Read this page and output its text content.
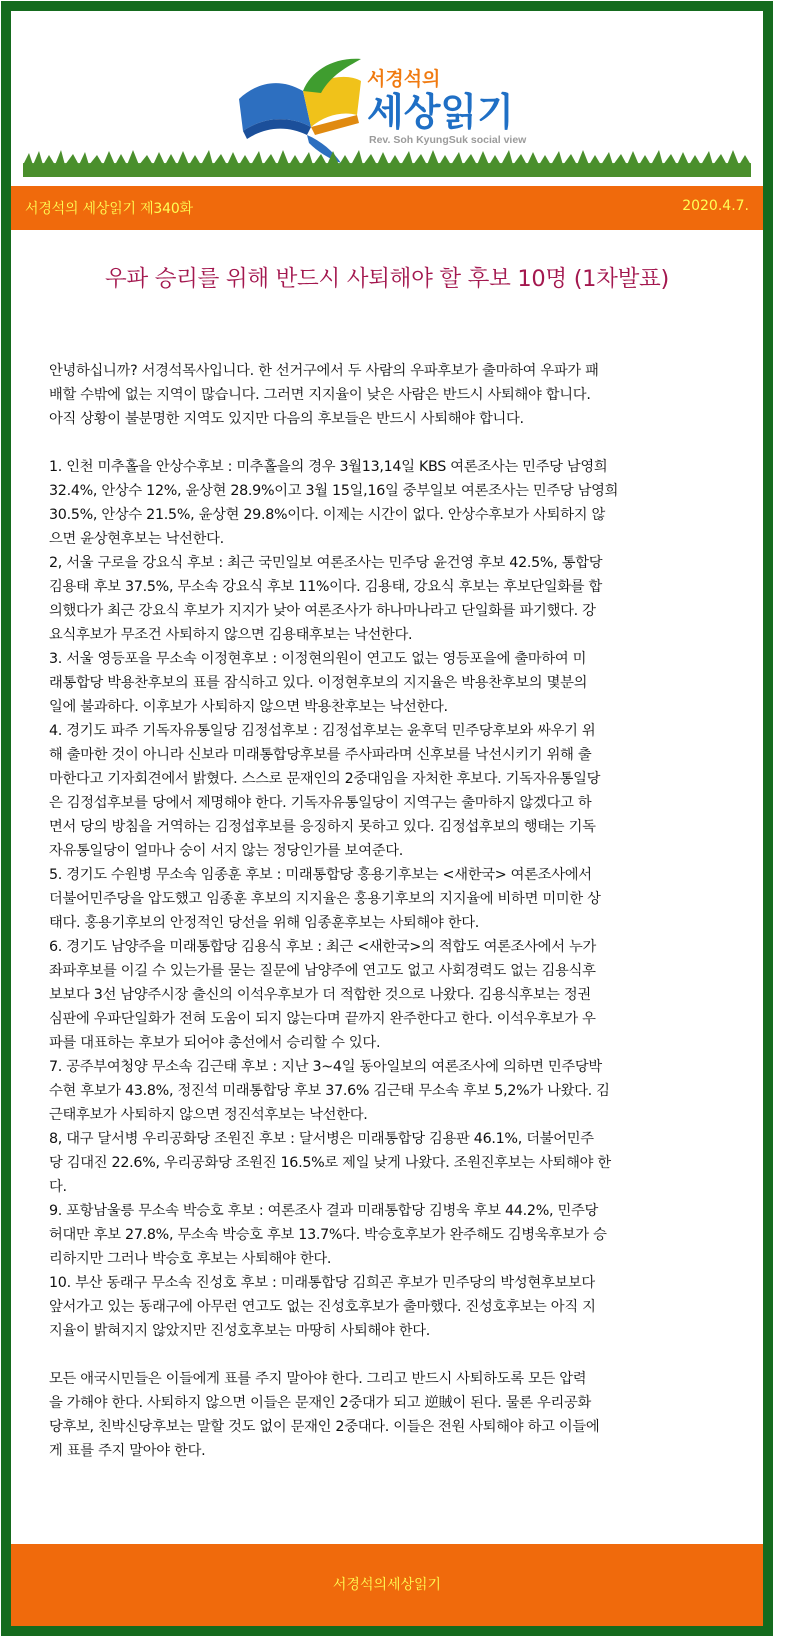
서경석의
세상읽기
Rev. Soh KyungSuk social view
서경석의 세상읽기 제340화	2020.4.7.
우파 승리를 위해 반드시 사퇴해야 할 후보 10명 (1차발표)

안녕하십니까? 서경석목사입니다. 한 선거구에서 두 사람의 우파후보가 출마하여 우파가 패

배할 수밖에 없는 지역이 많습니다. 그러면 지지율이 낮은 사람은 반드시 사퇴해야 합니다.

아직 상황이 불분명한 지역도 있지만 다음의 후보들은 반드시 사퇴해야 합니다.

1. 인천 미추홀을 안상수후보 : 미추홀을의 경우 3월13,14일 KBS 여론조사는 민주당 남영희

32.4%, 안상수 12%, 윤상현 28.9%이고 3월 15일,16일 중부일보 여론조사는 민주당 남영희

30.5%, 안상수 21.5%, 윤상현 29.8%이다. 이제는 시간이 없다. 안상수후보가 사퇴하지 않

으면 윤상현후보는 낙선한다.

2, 서울 구로을 강요식 후보 : 최근 국민일보 여론조사는 민주당 윤건영 후보 42.5%, 통합당

김용태 후보 37.5%, 무소속 강요식 후보 11%이다. 김용태, 강요식 후보는 후보단일화를 합

의했다가 최근 강요식 후보가 지지가 낮아 여론조사가 하나마나라고 단일화를 파기했다. 강

요식후보가 무조건 사퇴하지 않으면 김용태후보는 낙선한다.

3. 서울 영등포을 무소속 이정현후보 : 이정현의원이 연고도 없는 영등포을에 출마하여 미

래통합당 박용찬후보의 표를 잠식하고 있다. 이정현후보의 지지율은 박용찬후보의 몇분의

일에 불과하다. 이후보가 사퇴하지 않으면 박용찬후보는 낙선한다.

4. 경기도 파주 기독자유통일당 김정섭후보 : 김정섭후보는 윤후덕 민주당후보와 싸우기 위

해 출마한 것이 아니라 신보라 미래통합당후보를 주사파라며 신후보를 낙선시키기 위해 출

마한다고 기자회견에서 밝혔다. 스스로 문재인의 2중대임을 자처한 후보다. 기독자유통일당

은 김정섭후보를 당에서 제명해야 한다. 기독자유통일당이 지역구는 출마하지 않겠다고 하

면서 당의 방침을 거역하는 김정섭후보를 응징하지 못하고 있다. 김정섭후보의 행태는 기독

자유통일당이 얼마나 숭이 서지 않는 정당인가를 보여준다.

5. 경기도 수원병 무소속 임종훈 후보 : 미래통합당 홍용기후보는 <새한국> 여론조사에서

더불어민주당을 압도했고 임종훈 후보의 지지율은 홍용기후보의 지지율에 비하면 미미한 상

태다. 홍용기후보의 안정적인 당선을 위해 임종훈후보는 사퇴해야 한다.

6. 경기도 남양주을 미래통합당 김용식 후보 : 최근 <새한국>의 적합도 여론조사에서 누가

좌파후보를 이길 수 있는가를 묻는 질문에 남양주에 연고도 없고 사회경력도 없는 김용식후

보보다 3선 남양주시장 출신의 이석우후보가 더 적합한 것으로 나왔다. 김용식후보는 정권

심판에 우파단일화가 전혀 도움이 되지 않는다며 끝까지 완주한다고 한다. 이석우후보가 우

파를 대표하는 후보가 되어야 총선에서 승리할 수 있다.

7. 공주부여청양 무소속 김근태 후보 : 지난 3~4일 동아일보의 여론조사에 의하면 민주당박

수현 후보가 43.8%, 정진석 미래통합당 후보 37.6% 김근태 무소속 후보 5,2%가 나왔다. 김

근태후보가 사퇴하지 않으면 정진석후보는 낙선한다.

8, 대구 달서병 우리공화당 조원진 후보 : 달서병은 미래통합당 김용판 46.1%, 더불어민주

당 김대진 22.6%, 우리공화당 조원진 16.5%로 제일 낮게 나왔다. 조원진후보는 사퇴해야 한

다.

9. 포항남울릉 무소속 박승호 후보 : 여론조사 결과 미래통합당 김병욱 후보 44.2%, 민주당

허대만 후보 27.8%, 무소속 박승호 후보 13.7%다. 박승호후보가 완주해도 김병욱후보가 승

리하지만 그러나 박승호 후보는 사퇴해야 한다.

10. 부산 동래구 무소속 진성호 후보 : 미래통합당 김희곤 후보가 민주당의 박성현후보보다

앞서가고 있는 동래구에 아무런 연고도 없는 진성호후보가 출마했다. 진성호후보는 아직 지

지율이 밝혀지지 않았지만 진성호후보는 마땅히 사퇴해야 한다.

모든 애국시민들은 이들에게 표를 주지 말아야 한다. 그리고 반드시 사퇴하도록 모든 압력

을 가해야 한다. 사퇴하지 않으면 이들은 문재인 2중대가 되고 逆賊이 된다. 물론 우리공화

당후보, 친박신당후보는 말할 것도 없이 문재인 2중대다. 이들은 전원 사퇴해야 하고 이들에

게 표를 주지 말아야 한다.

서경석의세상읽기
